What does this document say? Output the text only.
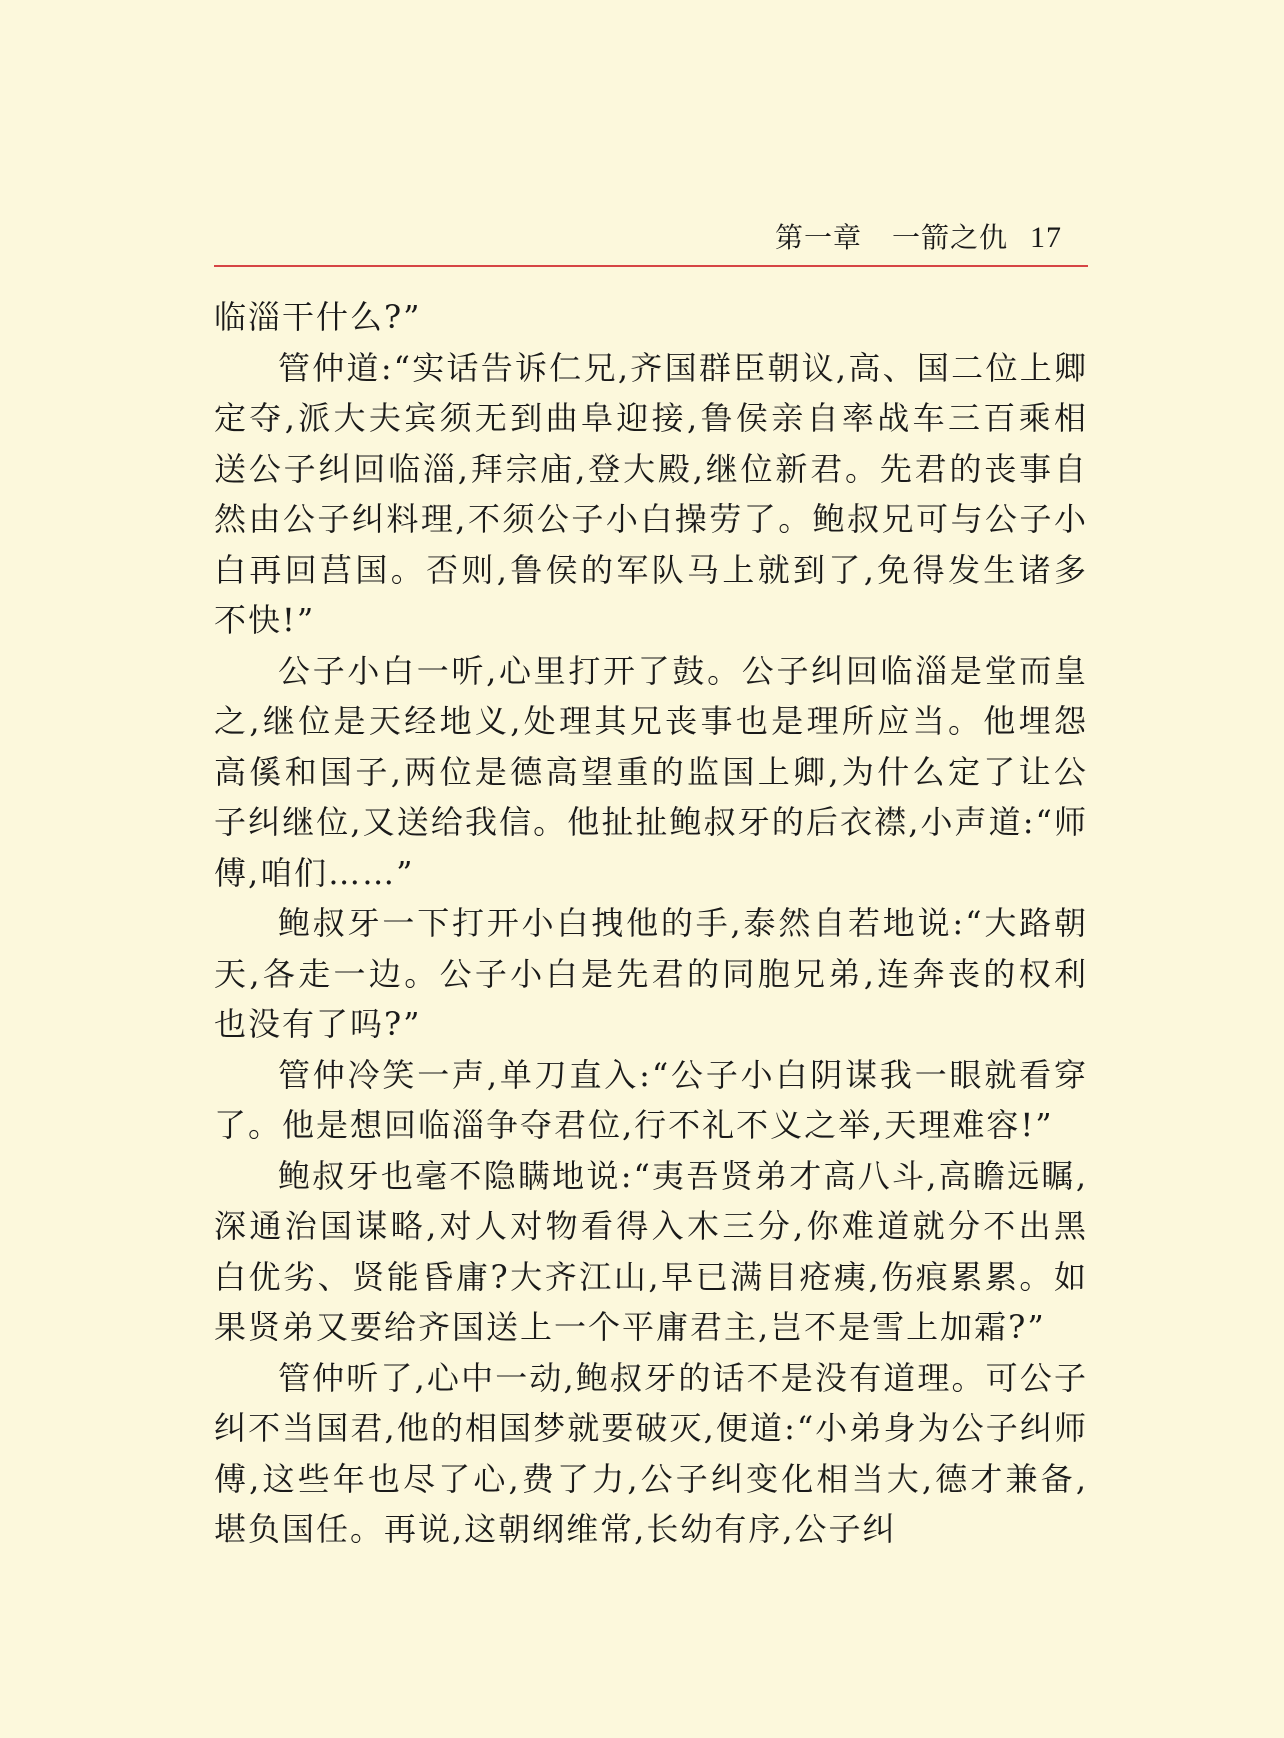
第一章 一箭之仇 17

临淄干什么?”

管仲道:“实话告诉仁兄,齐国群臣朝议,高、国二位上卿定夺,派大夫宾须无到曲阜迎接,鲁侯亲自率战车三百乘相送公子纠回临淄,拜宗庙,登大殿,继位新君。先君的丧事自然由公子纠料理,不须公子小白操劳了。鲍叔兄可与公子小白再回莒国。否则,鲁侯的军队马上就到了,免得发生诸多不快!”

公子小白一听,心里打开了鼓。公子纠回临淄是堂而皇之,继位是天经地义,处理其兄丧事也是理所应当。他埋怨高傒和国子,两位是德高望重的监国上卿,为什么定了让公子纠继位,又送给我信。他扯扯鲍叔牙的后衣襟,小声道:“师傅,咱们……”

鲍叔牙一下打开小白拽他的手,泰然自若地说:“大路朝天,各走一边。公子小白是先君的同胞兄弟,连奔丧的权利也没有了吗?”

管仲冷笑一声,单刀直入:“公子小白阴谋我一眼就看穿了。他是想回临淄争夺君位,行不礼不义之举,天理难容!”

鲍叔牙也毫不隐瞒地说:“夷吾贤弟才高八斗,高瞻远瞩,深通治国谋略,对人对物看得入木三分,你难道就分不出黑白优劣、贤能昏庸?大齐江山,早已满目疮痍,伤痕累累。如果贤弟又要给齐国送上一个平庸君主,岂不是雪上加霜?”

管仲听了,心中一动,鲍叔牙的话不是没有道理。可公子纠不当国君,他的相国梦就要破灭,便道:“小弟身为公子纠师傅,这些年也尽了心,费了力,公子纠变化相当大,德才兼备,堪负国任。再说,这朝纲维常,长幼有序,公子纠
